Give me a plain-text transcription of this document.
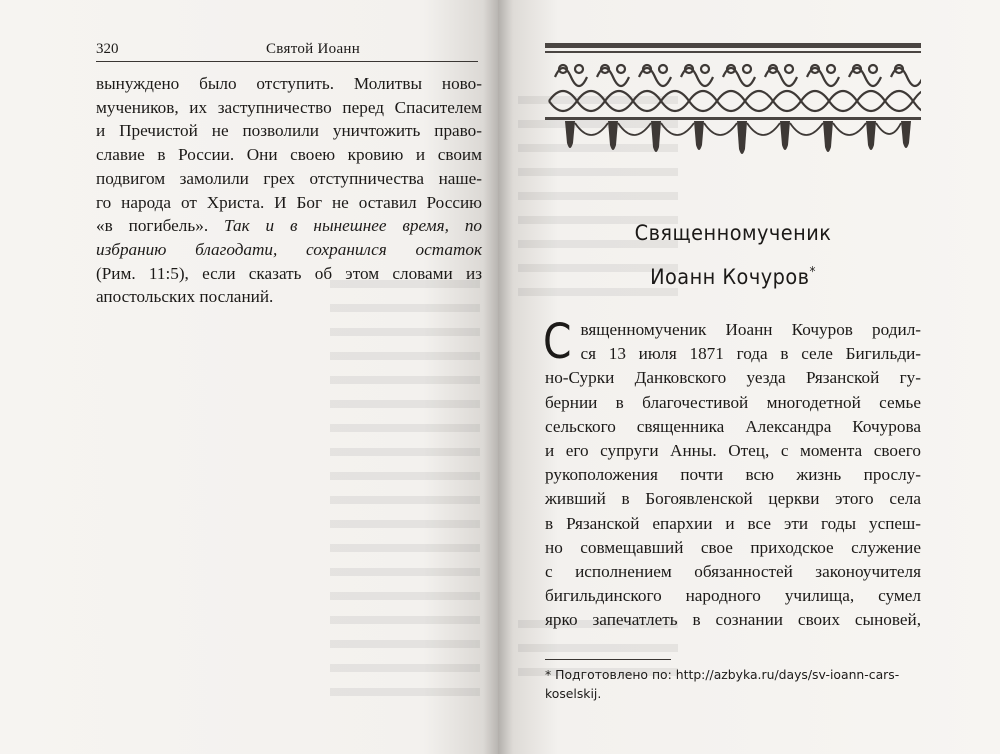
320	Святой Иоанн

вынуждено было отступить. Молитвы ново-
мучеников, их заступничество перед Спасителем
и Пречистой не позволили уничтожить право-
славие в России. Они своею кровию и своим
подвигом замолили грех отступничества наше-
го народа от Христа. И Бог не оставил Россию
«в погибель». Так и в нынешнее время, по
избранию благодати, сохранился остаток
(Рим. 11:5), если сказать об этом словами из
апостольских посланий.

Священномученик
Иоанн Кочуров*
С вященномученик Иоанн Кочуров родил-
ся 13 июля 1871 года в селе Бигильди-
но-Сурки Данковского уезда Рязанской гу-
бернии в благочестивой многодетной семье
сельского священника Александра Кочурова
и его супруги Анны. Отец, с момента своего
рукоположения почти всю жизнь прослу-
живший в Богоявленской церкви этого села
в Рязанской епархии и все эти годы успеш-
но совмещавший свое приходское служение
с исполнением обязанностей законоучителя
бигильдинского народного училища, сумел
ярко запечатлеть в сознании своих сыновей,
* Подготовлено по: http://azbyka.ru/days/sv-ioann-cars-
koselskij.
